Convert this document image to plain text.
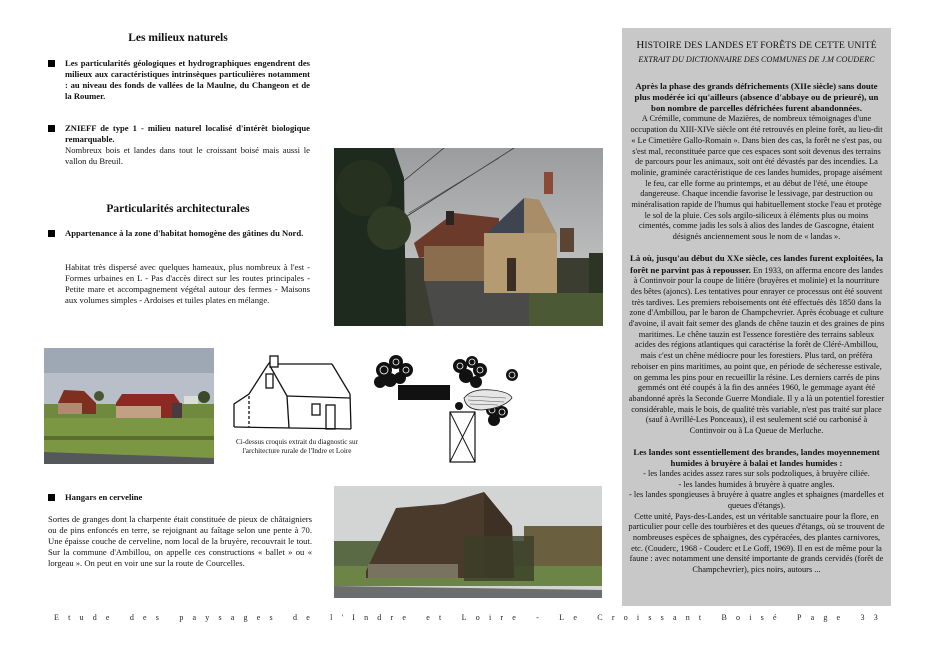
Les milieux naturels
Les particularités géologiques et hydrographiques engendrent des milieux aux caractéristiques intrinsèques particulières notamment : au niveau des fonds de vallées de la Maulne, du Changeon et de la Roumer.
ZNIEFF de type 1 - milieu naturel localisé d'intérêt biologique remarquable.
Nombreux bois et landes dans tout le croissant boisé mais aussi le vallon du Breuil.
Particularités architecturales
Appartenance à la zone d'habitat homogène des gâtines du Nord.
Habitat très dispersé avec quelques hameaux, plus nombreux à l'est - Formes urbaines en L - Pas d'accès direct sur les routes principales - Petite mare et accompagnement végétal autour des fermes - Maisons aux volumes simples - Ardoises et tuiles plates en mélange.
Ci-dessus croquis extrait du diagnostic sur l'architecture rurale de l'Indre et Loire
Hangars en cerveline
Sortes de granges dont la charpente était constituée de pieux de châtaigniers ou de pins enfoncés en terre, se rejoignant au faîtage selon une pente à 70. Une épaisse couche de cerveline, nom local de la bruyère, recouvrait le tout. Sur la commune d'Ambillou, on appelle ces constructions « ballet » ou « lorgeau ». On peut en voir une sur la route de Courcelles.
HISTOIRE DES LANDES ET FORÊTS DE CETTE UNITÉ
EXTRAIT DU DICTIONNAIRE DES COMMUNES DE J.M COUDERC
Après la phase des grands défrichements (XIIe siècle) sans doute plus modérée ici qu'ailleurs (absence d'abbaye ou de prieuré), un bon nombre de parcelles défrichées furent abandonnées.
A Crémille, commune de Mazières, de nombreux témoignages d'une occupation du XIII-XIVe siècle ont été retrouvés en pleine forêt, au lieu-dit « Le Cimetière Gallo-Romain ». Dans bien des cas, la forêt ne s'est pas, ou s'est mal, reconstituée parce que ces espaces sont soit devenus des terrains de parcours pour les animaux, soit ont été dévastés par des incendies. La molinie, graminée caractéristique de ces landes humides, propage aisément le feu, car elle forme au printemps, et au début de l'été, une étoupe dangereuse. Chaque incendie favorise le lessivage, par destruction ou minéralisation rapide de l'humus qui habituellement stocke l'eau et protège le sol de la pluie. Ces sols argilo-siliceux à éléments plus ou moins cimentés, comme jadis les sols à alios des landes de Gascogne, étaient désignés anciennement sous le nom de « landas ».
Là où, jusqu'au début du XXe siècle, ces landes furent exploitées, la forêt ne parvint pas à repousser. En 1933, on afferma encore des landes à Continvoir pour la coupe de litière (bruyères et molinie) et la nourriture des bêtes (ajoncs). Les tentatives pour enrayer ce processus ont été souvent très tardives. Les premiers reboisements ont été effectués dès 1850 dans la zone d'Ambillou, par le baron de Champchevrier. Après écobuage et culture d'avoine, il avait fait semer des glands de chêne tauzin et des graines de pins maritimes. Le chêne tauzin est l'essence forestière des terrains sableux acides des régions atlantiques qui caractérise la forêt de Cléré-Ambillou, mais c'est un chêne médiocre pour les forestiers. Plus tard, on préféra reboiser en pins maritimes, au point que, en période de sécheresse estivale, on gemma les pins pour en recueillir la résine. Les derniers carrés de pins gemmés ont été coupés à la fin des années 1960, le gemmage ayant été abandonné après la Seconde Guerre Mondiale. Il y a là un potentiel forestier considérable, mais le bois, de qualité très variable, n'est pas traité sur place (sauf à Avrillé-Les Ponceaux), il est seulement scié ou carbonisé à Continvoir ou à La Queue de Merluche.
Les landes sont essentiellement des brandes, landes moyennement humides à bruyère à balai et landes humides :
- les landes acides assez rares sur sols podzoliques, à bruyère ciliée.
- les landes humides à bruyère à quatre angles.
- les landes spongieuses à bruyère à quatre angles et sphaignes (mardelles et queues d'étangs).
Cette unité, Pays-des-Landes, est un véritable sanctuaire pour la flore, en particulier pour celle des tourbières et des queues d'étangs, où se trouvent de nombreuses espèces de sphaignes, des cypéracées, des plantes carnivores, etc. (Couderc, 1968 - Couderc et Le Goff, 1969). Il en est de même pour la faune : avec notamment une densité importante de grands cervidés (forêt de Champchevrier), pics noirs, autours ...
Etude des paysages de l'Indre et Loire - Le Croissant Boisé Page 33
